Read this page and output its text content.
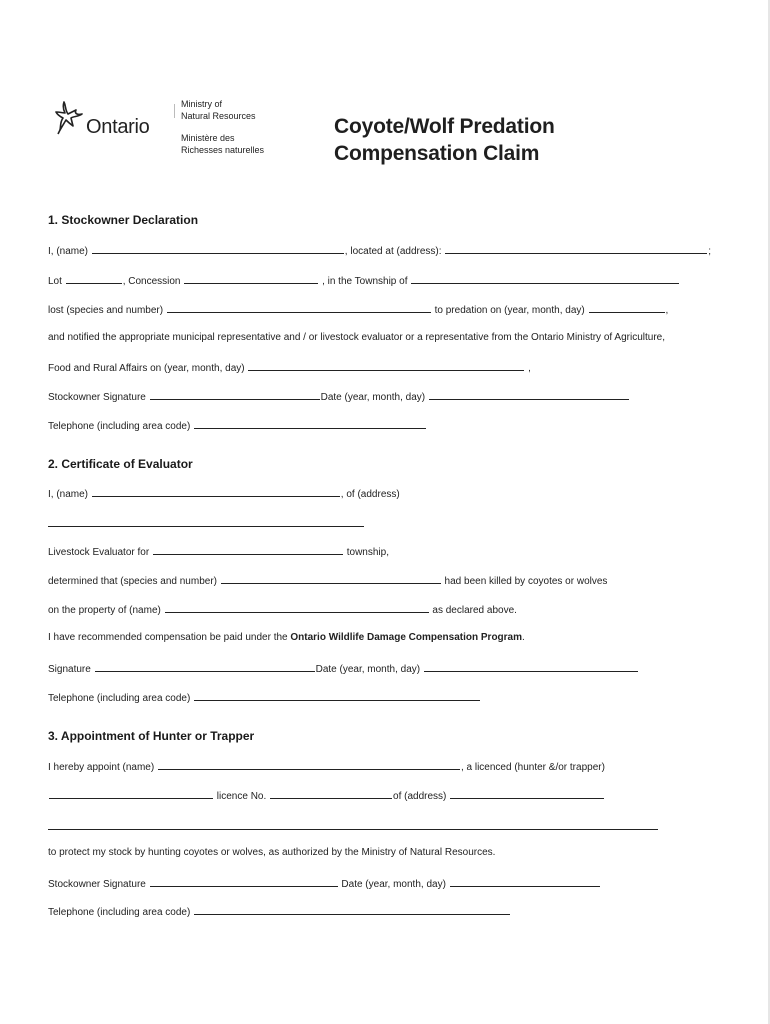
Ontario
Ministry of
Natural Resources
Ministère des
Richesses naturelles
Coyote/Wolf Predation
Compensation Claim
1. Stockowner Declaration
I, (name)	, located at (address):	;
Lot	, Concession	, in the Township of
lost (species and number)	to predation on (year, month, day)	,
and notified the appropriate municipal representative and / or livestock evaluator or a representative from the Ontario Ministry of Agriculture,
Food and Rural Affairs on (year, month, day)	,
Stockowner Signature	Date (year, month, day)
Telephone (including area code)
2. Certificate of Evaluator
I, (name)	, of (address)
Livestock Evaluator for	township,
determined that (species and number)	had been killed by coyotes or wolves
on the property of (name)	as declared above.
I have recommended compensation be paid under the Ontario Wildlife Damage Compensation Program.
Signature	Date (year, month, day)
Telephone (including area code)
3. Appointment of Hunter or Trapper
I hereby appoint (name)	, a licenced (hunter &/or trapper)
licence No.	of (address)
to protect my stock by hunting coyotes or wolves, as authorized by the Ministry of Natural Resources.
Stockowner Signature	Date (year, month, day)
Telephone (including area code)
